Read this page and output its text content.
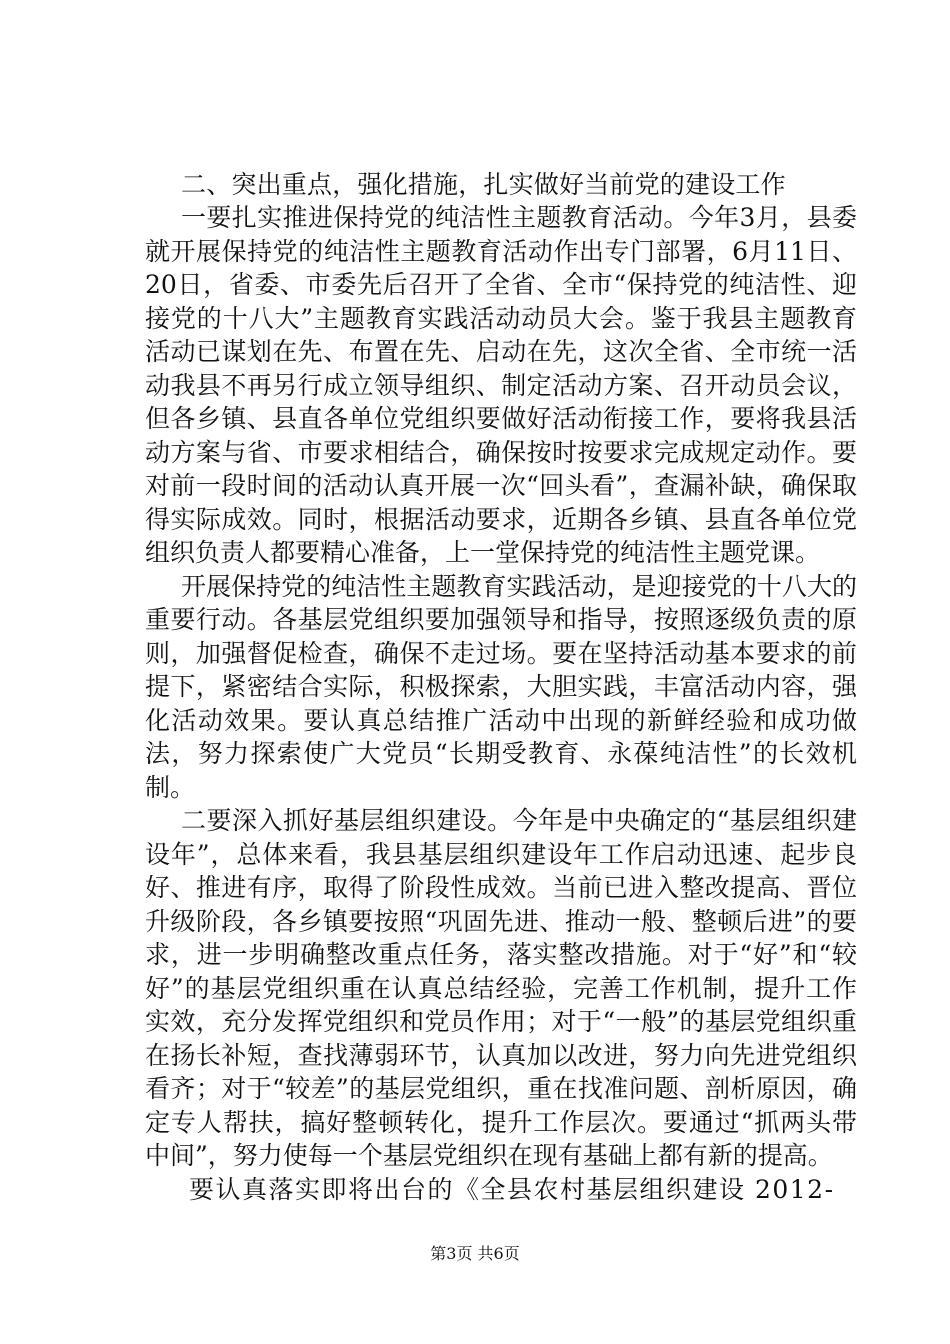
二、突出重点，强化措施，扎实做好当前党的建设工作

一要扎实推进保持党的纯洁性主题教育活动。今年3月，县委就开展保持党的纯洁性主题教育活动作出专门部署，6月11日、20日，省委、市委先后召开了全省、全市“保持党的纯洁性、迎接党的十八大”主题教育实践活动动员大会。鉴于我县主题教育活动已谋划在先、布置在先、启动在先，这次全省、全市统一活动我县不再另行成立领导组织、制定活动方案、召开动员会议，但各乡镇、县直各单位党组织要做好活动衔接工作，要将我县活动方案与省、市要求相结合，确保按时按要求完成规定动作。要对前一段时间的活动认真开展一次“回头看”，查漏补缺，确保取得实际成效。同时，根据活动要求，近期各乡镇、县直各单位党组织负责人都要精心准备，上一堂保持党的纯洁性主题党课。

开展保持党的纯洁性主题教育实践活动，是迎接党的十八大的重要行动。各基层党组织要加强领导和指导，按照逐级负责的原则，加强督促检查，确保不走过场。要在坚持活动基本要求的前提下，紧密结合实际，积极探索，大胆实践，丰富活动内容，强化活动效果。要认真总结推广活动中出现的新鲜经验和成功做法，努力探索使广大党员“长期受教育、永葆纯洁性”的长效机制。

二要深入抓好基层组织建设。今年是中央确定的“基层组织建设年”，总体来看，我县基层组织建设年工作启动迅速、起步良好、推进有序，取得了阶段性成效。当前已进入整改提高、晋位升级阶段，各乡镇要按照“巩固先进、推动一般、整顿后进”的要求，进一步明确整改重点任务，落实整改措施。对于“好”和“较好”的基层党组织重在认真总结经验，完善工作机制，提升工作实效，充分发挥党组织和党员作用；对于“一般”的基层党组织重在扬长补短，查找薄弱环节，认真加以改进，努力向先进党组织看齐；对于“较差”的基层党组织，重在找准问题、剖析原因，确定专人帮扶，搞好整顿转化，提升工作层次。要通过“抓两头带中间”，努力使每一个基层党组织在现有基础上都有新的提高。

要认真落实即将出台的《全县农村基层组织建设 2012-

第3页 共6页
